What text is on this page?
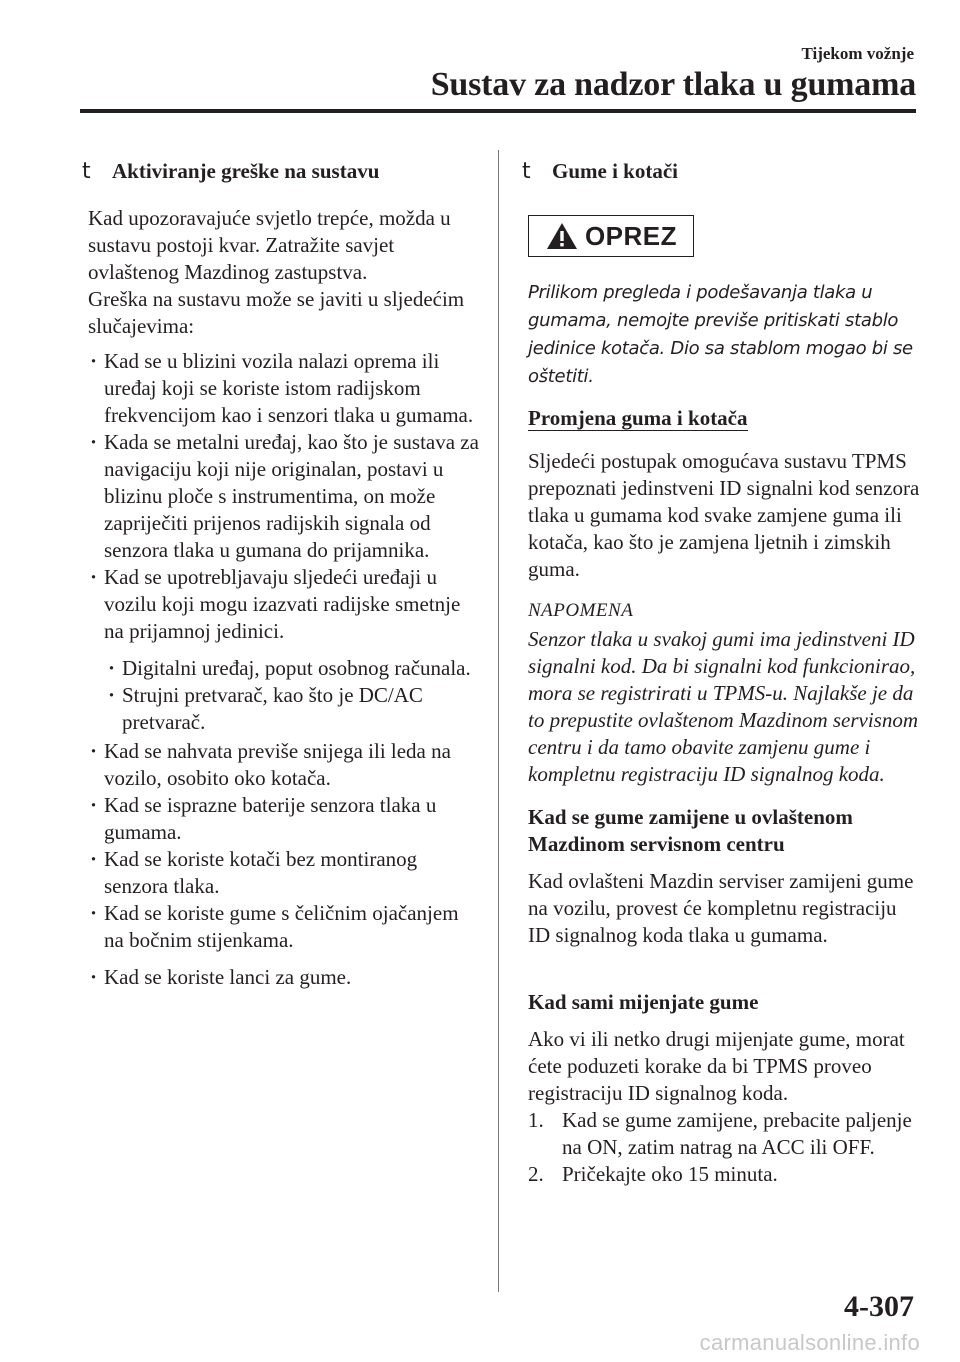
Tijekom vožnje
Sustav za nadzor tlaka u gumama
t	Aktiviranje greške na sustavu

Kad upozoravajuće svjetlo trepće, možda u sustavu postoji kvar. Zatražite savjet ovlaštenog Mazdinog zastupstva.

Greška na sustavu može se javiti u sljedećim slučajevima:

· Kad se u blizini vozila nalazi oprema ili uređaj koji se koriste istom radijskom frekvencijom kao i senzori tlaka u gumama.
· Kada se metalni uređaj, kao što je sustava za navigaciju koji nije originalan, postavi u blizinu ploče s instrumentima, on može zapriječiti prijenos radijskih signala od senzora tlaka u gumana do prijamnika.
· Kad se upotrebljavaju sljedeći uređaji u vozilu koji mogu izazvati radijske smetnje na prijamnoj jedinici.
· Digitalni uređaj, poput osobnog računala.
· Strujni pretvarač, kao što je DC/AC pretvarač.
· Kad se nahvata previše snijega ili leda na vozilo, osobito oko kotača.
· Kad se isprazne baterije senzora tlaka u gumama.
· Kad se koriste kotači bez montiranog senzora tlaka.
· Kad se koriste gume s čeličnim ojačanjem na bočnim stijenkama.
· Kad se koriste lanci za gume.
t	Gume i kotači
OPREZ

Prilikom pregleda i podešavanja tlaka u gumama, nemojte previše pritiskati stablo jedinice kotača. Dio sa stablom mogao bi se oštetiti.

Promjena guma i kotača

Sljedeći postupak omogućava sustavu TPMS prepoznati jedinstveni ID signalni kod senzora tlaka u gumama kod svake zamjene guma ili kotača, kao što je zamjena ljetnih i zimskih guma.

NAPOMENA

Senzor tlaka u svakoj gumi ima jedinstveni ID signalni kod. Da bi signalni kod funkcionirao, mora se registrirati u TPMS-u. Najlakše je da to prepustite ovlaštenom Mazdinom servisnom centru i da tamo obavite zamjenu gume i kompletnu registraciju ID signalnog koda.

Kad se gume zamijene u ovlaštenom Mazdinom servisnom centru

Kad ovlašteni Mazdin serviser zamijeni gume na vozilu, provest će kompletnu registraciju ID signalnog koda tlaka u gumama.

Kad sami mijenjate gume

Ako vi ili netko drugi mijenjate gume, morat ćete poduzeti korake da bi TPMS proveo registraciju ID signalnog koda.

1. Kad se gume zamijene, prebacite paljenje na ON, zatim natrag na ACC ili OFF.
2. Pričekajte oko 15 minuta.
4-307
carmanualsonline.info
